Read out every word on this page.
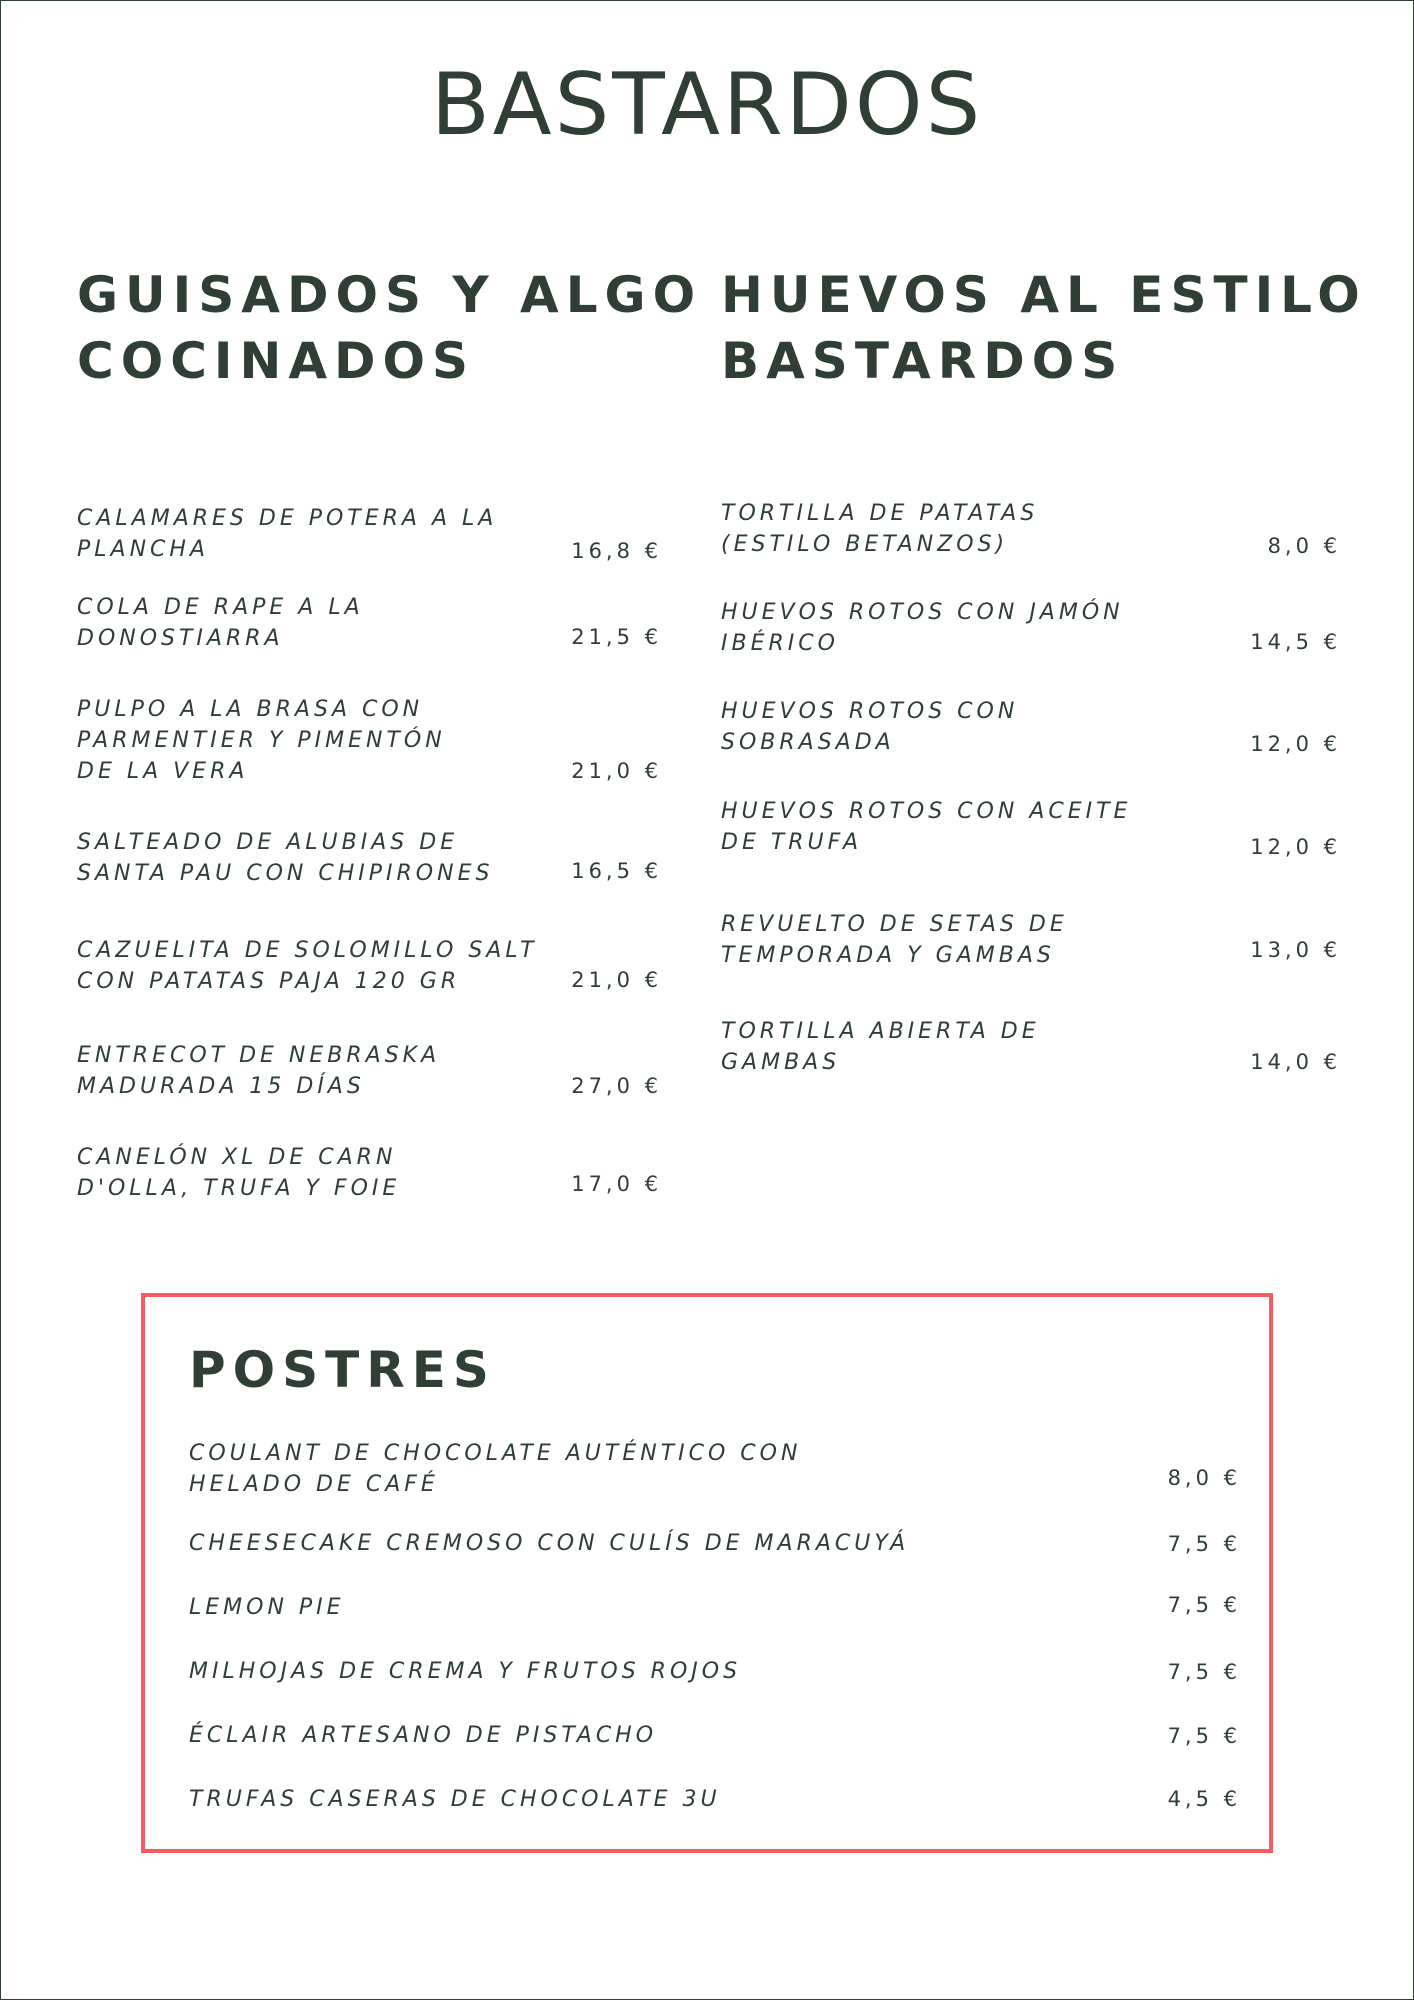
BASTARDOS
GUISADOS Y ALGO
COCINADOS
CALAMARES DE POTERA A LA
PLANCHA	16,8 €
COLA DE RAPE A LA
DONOSTIARRA	21,5 €
PULPO A LA BRASA CON
PARMENTIER Y PIMENTÓN
DE LA VERA	21,0 €
SALTEADO DE ALUBIAS DE
SANTA PAU CON CHIPIRONES	16,5 €
CAZUELITA DE SOLOMILLO SALT
CON PATATAS PAJA 120 GR	21,0 €
ENTRECOT DE NEBRASKA
MADURADA 15 DÍAS	27,0 €
CANELÓN XL DE CARN
D'OLLA, TRUFA Y FOIE	17,0 €
HUEVOS AL ESTILO
BASTARDOS
TORTILLA DE PATATAS
(ESTILO BETANZOS)	8,0 €
HUEVOS ROTOS CON JAMÓN
IBÉRICO	14,5 €
HUEVOS ROTOS CON
SOBRASADA	12,0 €
HUEVOS ROTOS CON ACEITE
DE TRUFA	12,0 €
REVUELTO DE SETAS DE
TEMPORADA Y GAMBAS	13,0 €
TORTILLA ABIERTA DE
GAMBAS	14,0 €
POSTRES
COULANT DE CHOCOLATE AUTÉNTICO CON
HELADO DE CAFÉ	8,0 €
CHEESECAKE CREMOSO CON CULÍS DE MARACUYÁ	7,5 €
LEMON PIE	7,5 €
MILHOJAS DE CREMA Y FRUTOS ROJOS	7,5 €
ÉCLAIR ARTESANO DE PISTACHO	7,5 €
TRUFAS CASERAS DE CHOCOLATE 3U	4,5 €
